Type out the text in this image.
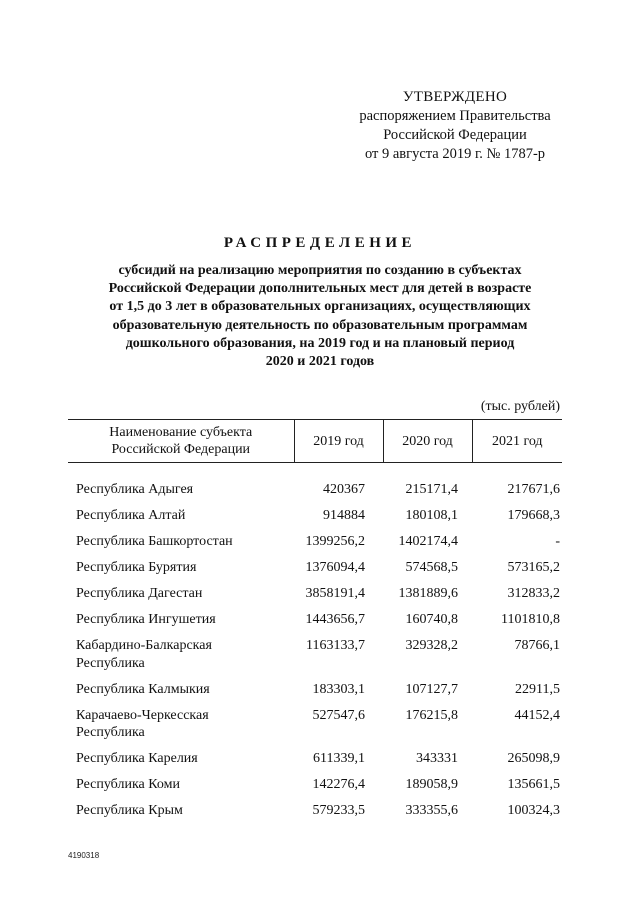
УТВЕРЖДЕНО
распоряжением Правительства
Российской Федерации
от 9 августа 2019 г. № 1787-р
РАСПРЕДЕЛЕНИЕ
субсидий на реализацию мероприятия по созданию в субъектах
Российской Федерации дополнительных мест для детей в возрасте
от 1,5 до 3 лет в образовательных организациях, осуществляющих
образовательную деятельность по образовательным программам
дошкольного образования, на 2019 год и на плановый период
2020 и 2021 годов
(тыс. рублей)
Наименование субъекта
Российской Федерации	2019 год	2020 год	2021 год

Республика Адыгея	420367	215171,4	217671,6

Республика Алтай	914884	180108,1	179668,3

Республика Башкортостан	1399256,2	1402174,4	-

Республика Бурятия	1376094,4	574568,5	573165,2

Республика Дагестан	3858191,4	1381889,6	312833,2

Республика Ингушетия	1443656,7	160740,8	1101810,8

Кабардино-Балкарская
Республика	1163133,7	329328,2	78766,1

Республика Калмыкия	183303,1	107127,7	22911,5

Карачаево-Черкесская
Республика	527547,6	176215,8	44152,4

Республика Карелия	611339,1	343331	265098,9

Республика Коми	142276,4	189058,9	135661,5

Республика Крым	579233,5	333355,6	100324,3
4190318
